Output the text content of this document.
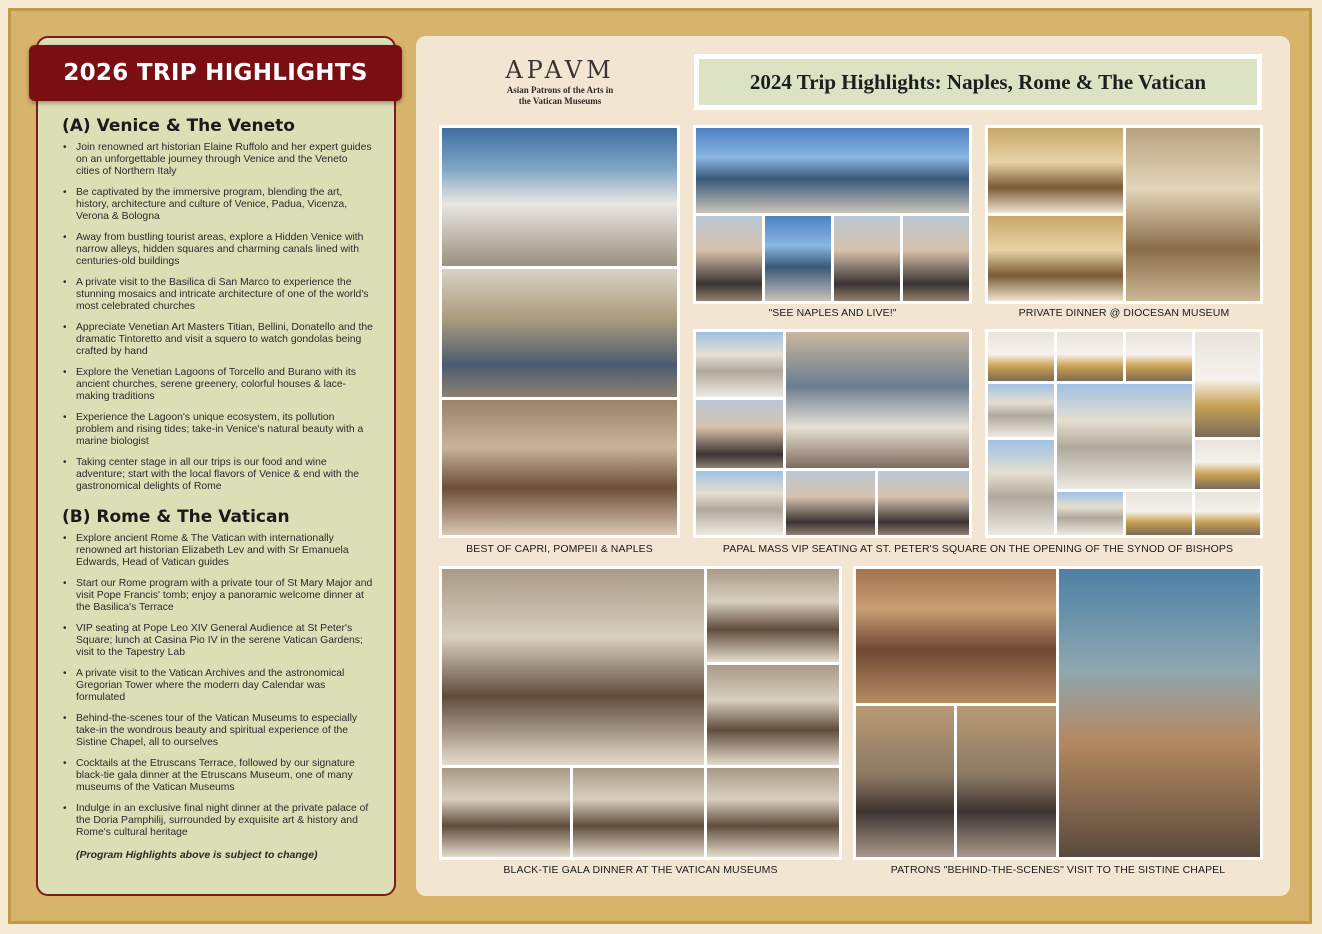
2026 TRIP HIGHLIGHTS
(A) Venice & The Veneto
• Join renowned art historian Elaine Ruffolo and her expert guides on an unforgettable journey through Venice and the Veneto cities of Northern Italy
• Be captivated by the immersive program, blending the art, history, architecture and culture of Venice, Padua, Vicenza, Verona & Bologna
• Away from bustling tourist areas, explore a Hidden Venice with narrow alleys, hidden squares and charming canals lined with centuries-old buildings
• A private visit to the Basilica di San Marco to experience the stunning mosaics and intricate architecture of one of the world's most celebrated churches
• Appreciate Venetian Art Masters Titian, Bellini, Donatello and the dramatic Tintoretto and visit a squero to watch gondolas being crafted by hand
• Explore the Venetian Lagoons of Torcello and Burano with its ancient churches, serene greenery, colorful houses & lace-making traditions
• Experience the Lagoon's unique ecosystem, its pollution problem and rising tides; take-in Venice's natural beauty with a marine biologist
• Taking center stage in all our trips is our food and wine adventure; start with the local flavors of Venice & end with the gastronomical delights of Rome
(B) Rome & The Vatican
• Explore ancient Rome & The Vatican with internationally renowned art historian Elizabeth Lev and with Sr Emanuela Edwards, Head of Vatican guides
• Start our Rome program with a private tour of St Mary Major and visit Pope Francis' tomb; enjoy a panoramic welcome dinner at the Basilica's Terrace
• VIP seating at Pope Leo XIV General Audience at St Peter's Square; lunch at Casina Pio IV in the serene Vatican Gardens; visit to the Tapestry Lab
• A private visit to the Vatican Archives and the astronomical Gregorian Tower where the modern day Calendar was formulated
• Behind-the-scenes tour of the Vatican Museums to especially take-in the wondrous beauty and spiritual experience of the Sistine Chapel, all to ourselves
• Cocktails at the Etruscans Terrace, followed by our signature black-tie gala dinner at the Etruscans Museum, one of many museums of the Vatican Museums
• Indulge in an exclusive final night dinner at the private palace of the Doria Pamphilij, surrounded by exquisite art & history and Rome's cultural heritage
(Program Highlights above is subject to change)
APAVM
Asian Patrons of the Arts in
the Vatican Museums
2024 Trip Highlights: Naples, Rome & The Vatican
BEST OF CAPRI, POMPEII & NAPLES
"SEE NAPLES AND LIVE!"	PRIVATE DINNER @ DIOCESAN MUSEUM
PAPAL MASS VIP SEATING AT ST. PETER'S SQUARE ON THE OPENING OF THE SYNOD OF BISHOPS
BLACK-TIE GALA DINNER AT THE VATICAN MUSEUMS	PATRONS "BEHIND-THE-SCENES" VISIT TO THE SISTINE CHAPEL
